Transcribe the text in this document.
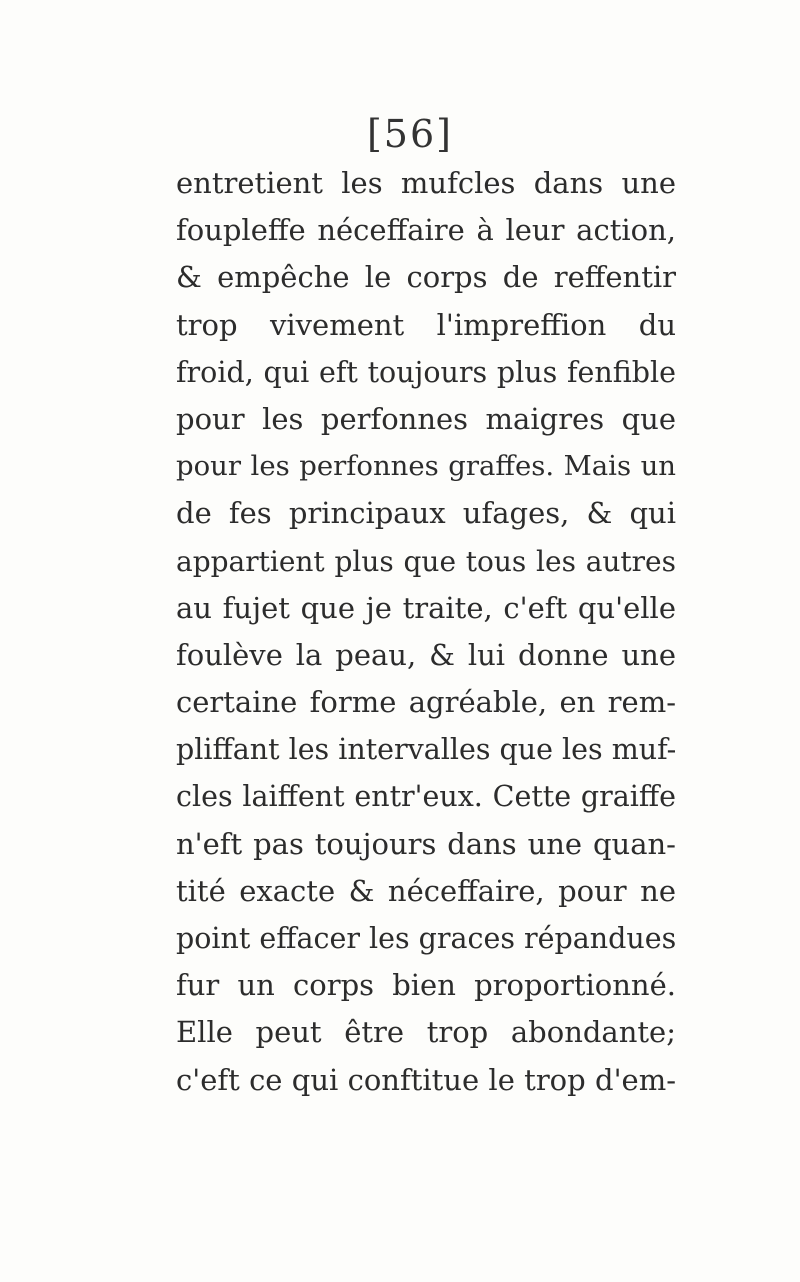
[56]
entretient les mufcles dans une
foupleffe néceffaire à leur action,
& empêche le corps de reffentir
trop vivement l'impreffion du
froid, qui eft toujours plus fenfible
pour les perfonnes maigres que
pour les perfonnes graffes. Mais un
de fes principaux ufages, & qui
appartient plus que tous les autres
au fujet que je traite, c'eft qu'elle
foulève la peau, & lui donne une
certaine forme agréable, en rem-
pliffant les intervalles que les muf-
cles laiffent entr'eux. Cette graiffe
n'eft pas toujours dans une quan-
tité exacte & néceffaire, pour ne
point effacer les graces répandues
fur un corps bien proportionné.
Elle peut être trop abondante;
c'eft ce qui conftitue le trop d'em-
